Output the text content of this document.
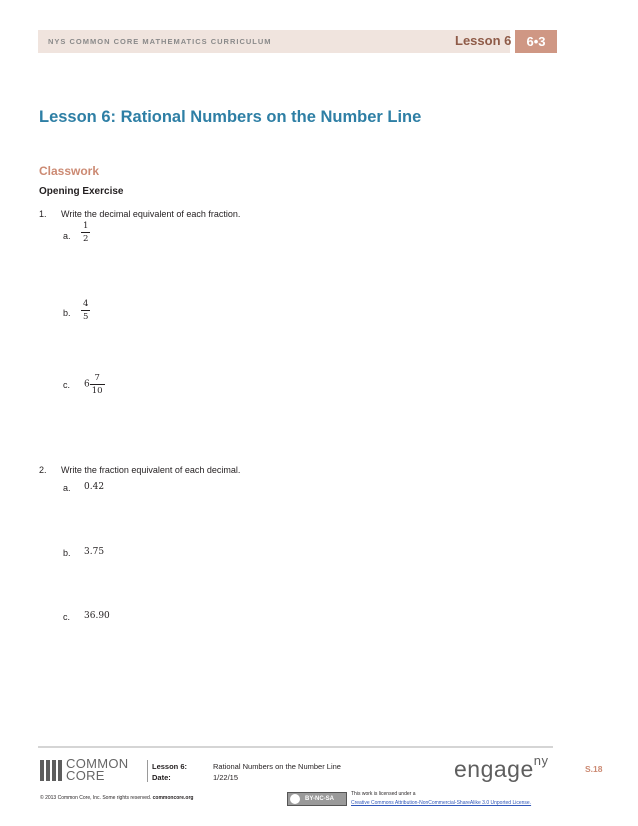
NYS COMMON CORE MATHEMATICS CURRICULUM	Lesson 6	6•3
Lesson 6: Rational Numbers on the Number Line
Classwork
Opening Exercise
1. Write the decimal equivalent of each fraction.
a. $\frac{1}{2}$
b. $\frac{4}{5}$
c. $6 \frac{7}{10}$
2. Write the fraction equivalent of each decimal.
a. 0.42
b. 3.75
c. 36.90
COMMON
CORE
Lesson 6:
Date:
Rational Numbers on the Number Line
1/22/15	engage$^{ny}$
S.18
© 2013 Common Core, Inc. Some rights reserved. commoncore.org	BY-NC-SA
This work is licensed under a
Creative Commons Attribution-NonCommercial-ShareAlike 3.0 Unported License.
